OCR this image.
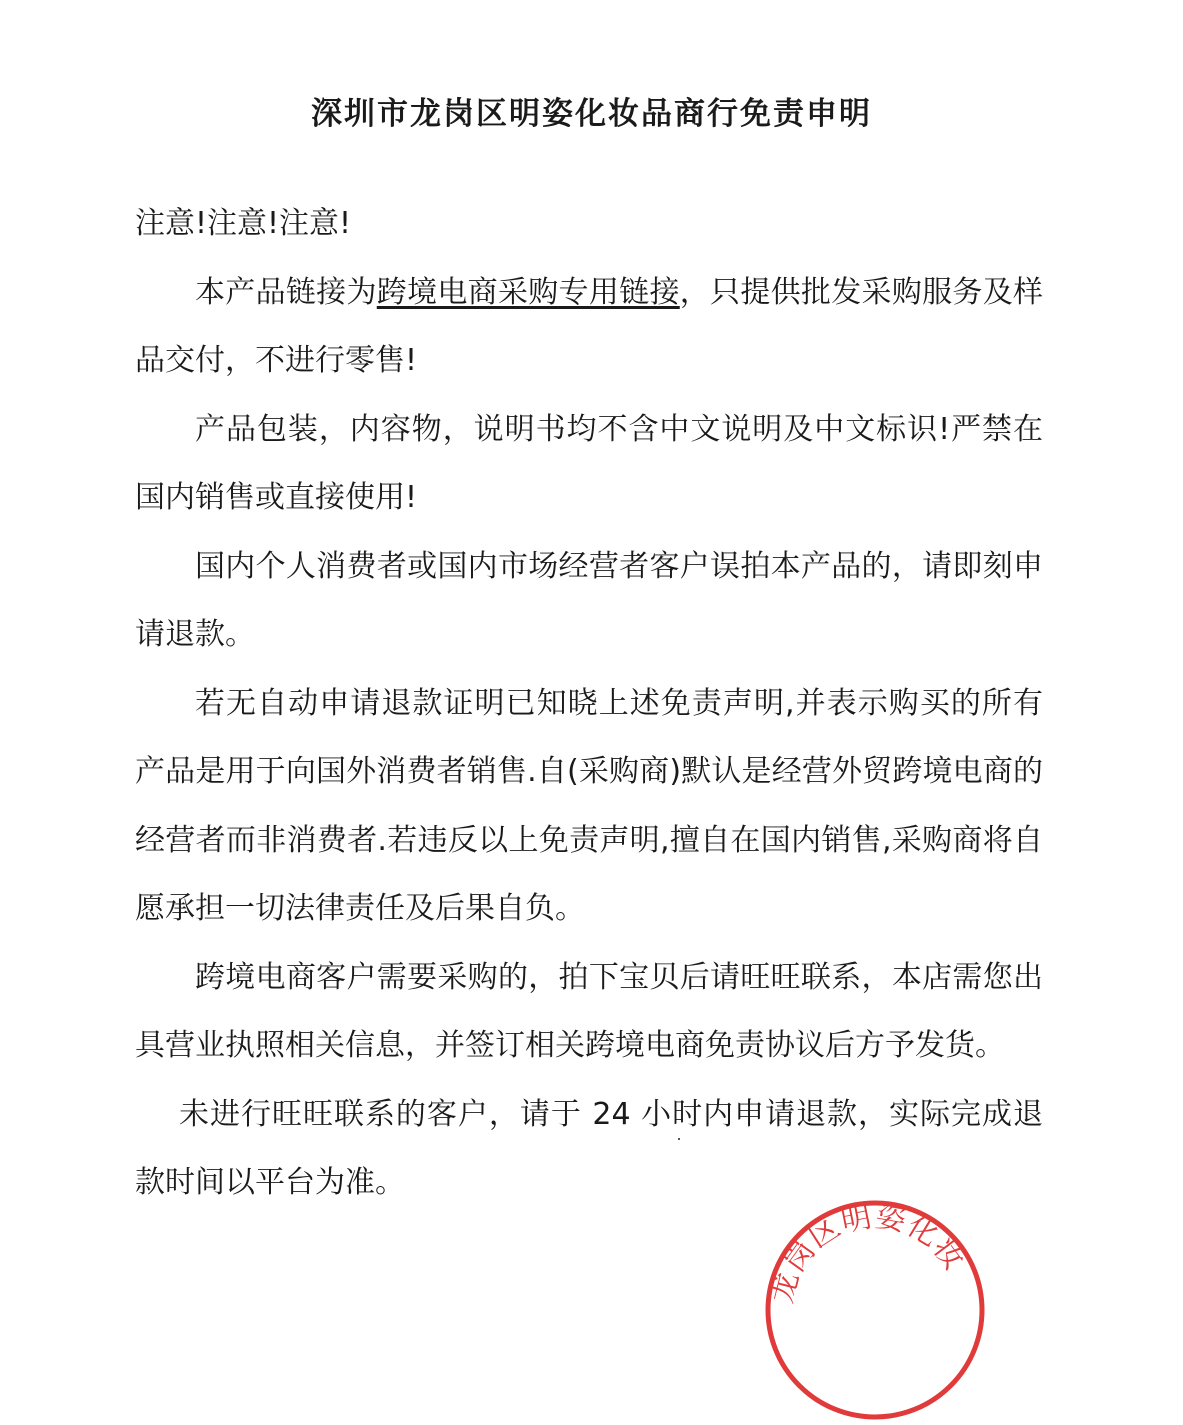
深圳市龙岗区明姿化妆品商行免责申明

注意!注意!注意!

本产品链接为跨境电商采购专用链接，只提供批发采购服务及样品交付，不进行零售!

产品包装，内容物，说明书均不含中文说明及中文标识!严禁在国内销售或直接使用!

国内个人消费者或国内市场经营者客户误拍本产品的，请即刻申请退款。

若无自动申请退款证明已知晓上述免责声明,并表示购买的所有产品是用于向国外消费者销售.自(采购商)默认是经营外贸跨境电商的经营者而非消费者.若违反以上免责声明,擅自在国内销售,采购商将自愿承担一切法律责任及后果自负。

跨境电商客户需要采购的，拍下宝贝后请旺旺联系，本店需您出具营业执照相关信息，并签订相关跨境电商免责协议后方予发货。

未进行旺旺联系的客户，请于 24 小时内申请退款，实际完成退款时间以平台为准。

龙岗区明姿化妆
